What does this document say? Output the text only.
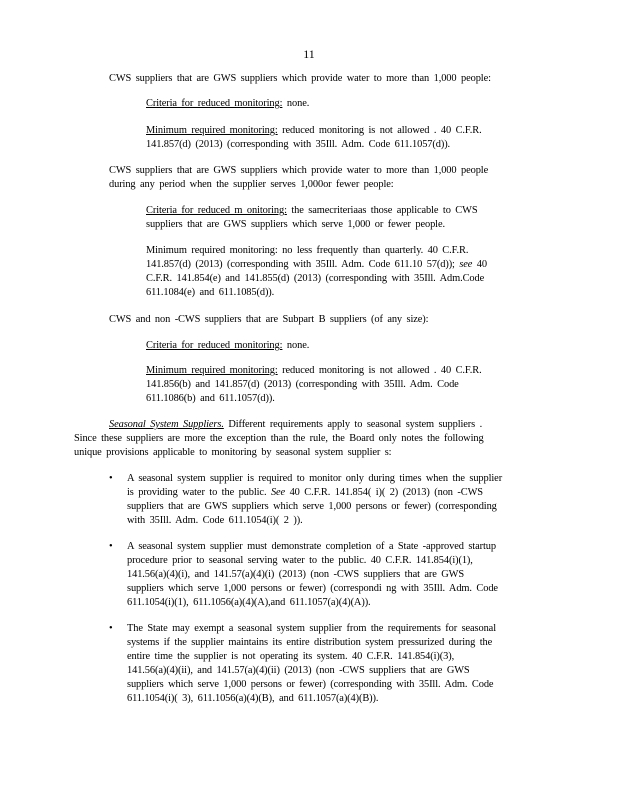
11
CWS suppliers that are GWS suppliers which provide water to more than 1,000 people:
Criteria for reduced monitoring: none.
Minimum required monitoring: reduced monitoring is not allowed . 40 C.F.R.
141.857(d) (2013) (corresponding with 35Ill. Adm. Code 611.1057(d)).
CWS suppliers that are GWS suppliers which provide water to more than 1,000 people
during any period when the supplier serves 1,000or fewer people:
Criteria for reduced m onitoring: the samecriteriaas those applicable to CWS
suppliers that are GWS suppliers which serve 1,000 or fewer people.
Minimum required monitoring: no less frequently than quarterly. 40 C.F.R.
141.857(d) (2013) (corresponding with 35Ill. Adm. Code 611.10 57(d)); see 40
C.F.R. 141.854(e) and 141.855(d) (2013) (corresponding with 35Ill. Adm.Code
611.1084(e) and 611.1085(d)).
CWS and non -CWS suppliers that are Subpart B suppliers (of any size):
Criteria for reduced monitoring: none.
Minimum required monitoring: reduced monitoring is not allowed . 40 C.F.R.
141.856(b) and 141.857(d) (2013) (corresponding with 35Ill. Adm. Code
611.1086(b) and 611.1057(d)).
Seasonal System Suppliers. Different requirements apply to seasonal system suppliers .
Since these suppliers are more the exception than the rule, the Board only notes the following
unique provisions applicable to monitoring by seasonal system supplier s:
• A seasonal system supplier is required to monitor only during times when the supplier
is providing water to the public. See 40 C.F.R. 141.854( i)( 2) (2013) (non -CWS
suppliers that are GWS suppliers which serve 1,000 persons or fewer) (corresponding
with 35Ill. Adm. Code 611.1054(i)( 2 )).
• A seasonal system supplier must demonstrate completion of a State -approved startup
procedure prior to seasonal serving water to the public. 40 C.F.R. 141.854(i)(1),
141.56(a)(4)(i), and 141.57(a)(4)(i) (2013) (non -CWS suppliers that are GWS
suppliers which serve 1,000 persons or fewer) (correspondi ng with 35Ill. Adm. Code
611.1054(i)(1), 611.1056(a)(4)(A),and 611.1057(a)(4)(A)).
• The State may exempt a seasonal system supplier from the requirements for seasonal
systems if the supplier maintains its entire distribution system pressurized during the
entire time the supplier is not operating its system. 40 C.F.R. 141.854(i)(3),
141.56(a)(4)(ii), and 141.57(a)(4)(ii) (2013) (non -CWS suppliers that are GWS
suppliers which serve 1,000 persons or fewer) (corresponding with 35Ill. Adm. Code
611.1054(i)( 3), 611.1056(a)(4)(B), and 611.1057(a)(4)(B)).
